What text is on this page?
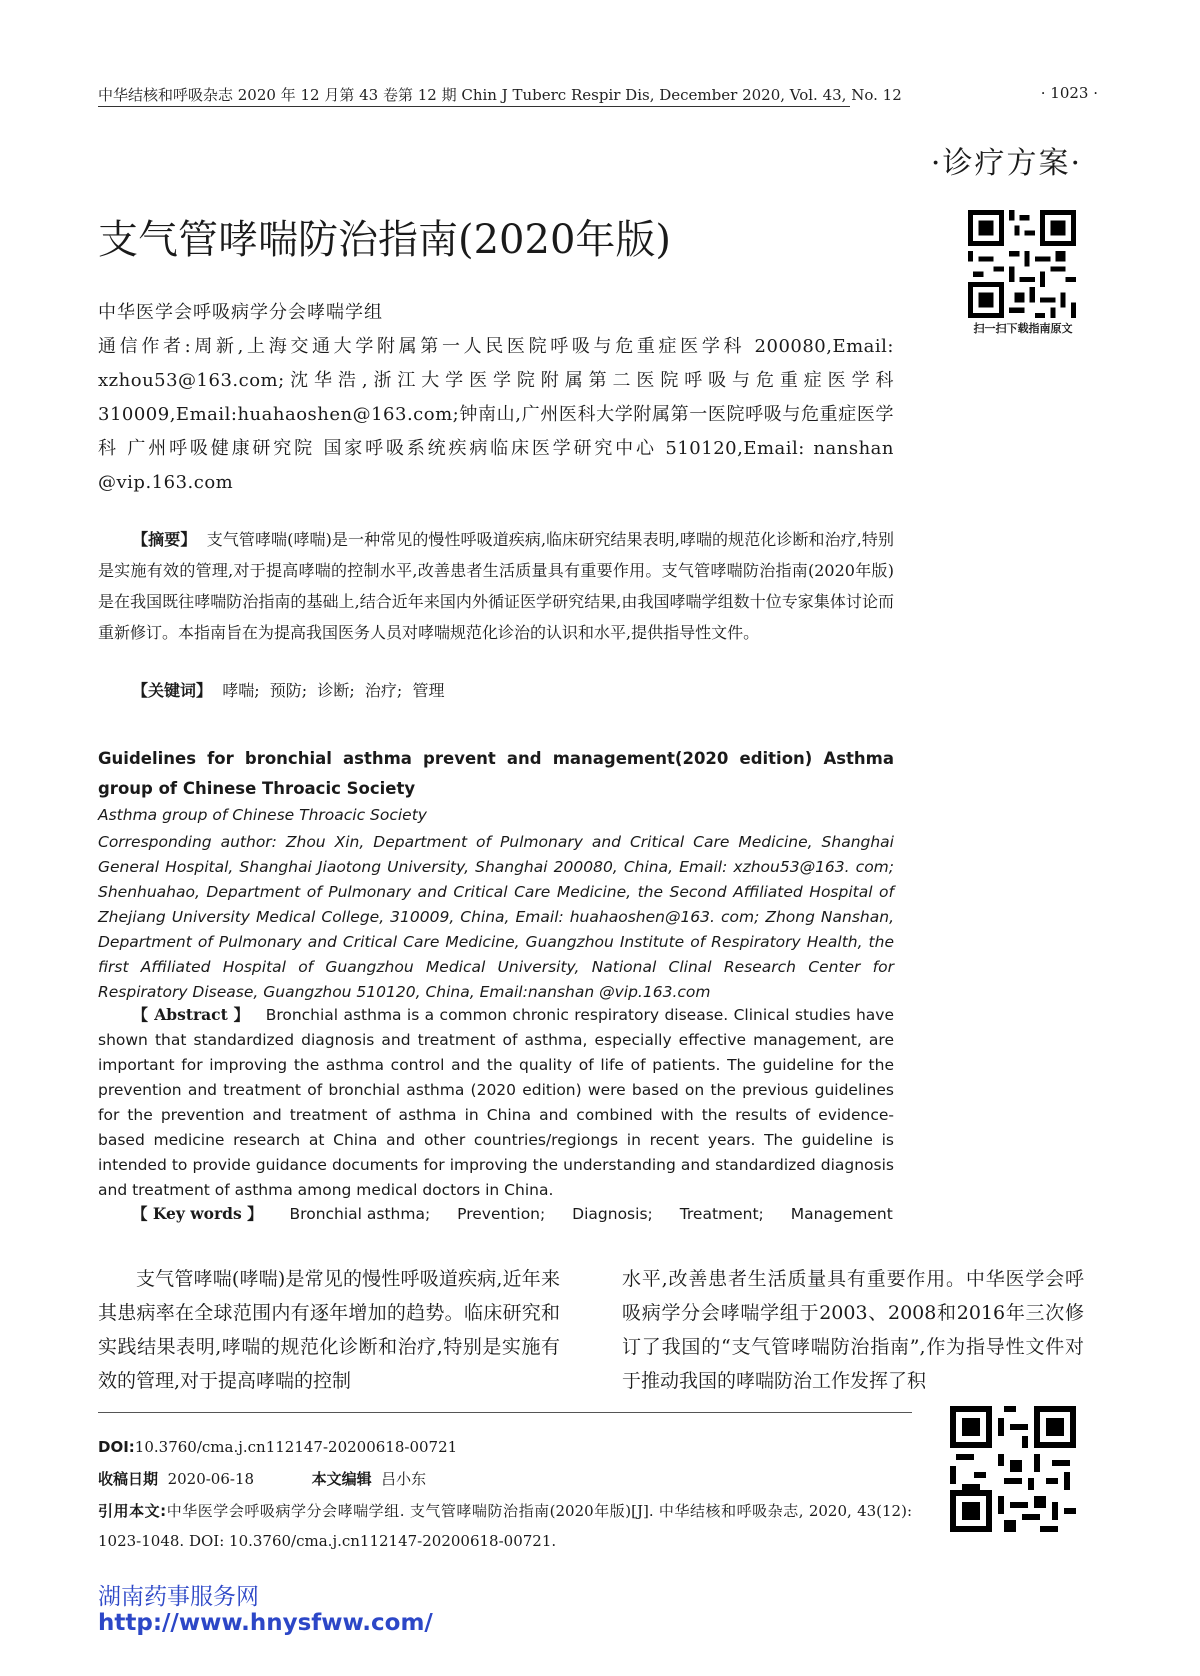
中华结核和呼吸杂志 2020 年 12 月第 43 卷第 12 期 Chin J Tuberc Respir Dis, December 2020, Vol. 43, No. 12	· 1023 ·
·诊疗方案·
支气管哮喘防治指南(2020年版)
扫一扫下载指南原文
中华医学会呼吸病学分会哮喘学组
通信作者:周新,上海交通大学附属第一人民医院呼吸与危重症医学科 200080,Email: xzhou53@163.com;沈华浩,浙江大学医学院附属第二医院呼吸与危重症医学科 310009,Email:huahaoshen@163.com;钟南山,广州医科大学附属第一医院呼吸与危重症医学科 广州呼吸健康研究院 国家呼吸系统疾病临床医学研究中心 510120,Email: nanshan @vip.163.com
【摘要】 支气管哮喘(哮喘)是一种常见的慢性呼吸道疾病,临床研究结果表明,哮喘的规范化诊断和治疗,特别是实施有效的管理,对于提高哮喘的控制水平,改善患者生活质量具有重要作用。支气管哮喘防治指南(2020年版)是在我国既往哮喘防治指南的基础上,结合近年来国内外循证医学研究结果,由我国哮喘学组数十位专家集体讨论而重新修订。本指南旨在为提高我国医务人员对哮喘规范化诊治的认识和水平,提供指导性文件。
【关键词】 哮喘; 预防; 诊断; 治疗; 管理
Guidelines for bronchial asthma prevent and management(2020 edition) Asthma group of Chinese Throacic Society
Asthma group of Chinese Throacic Society
Corresponding author: Zhou Xin, Department of Pulmonary and Critical Care Medicine, Shanghai General Hospital, Shanghai Jiaotong University, Shanghai 200080, China, Email: xzhou53@163. com; Shenhuahao, Department of Pulmonary and Critical Care Medicine, the Second Affiliated Hospital of Zhejiang University Medical College, 310009, China, Email: huahaoshen@163. com; Zhong Nanshan, Department of Pulmonary and Critical Care Medicine, Guangzhou Institute of Respiratory Health, the first Affiliated Hospital of Guangzhou Medical University, National Clinal Research Center for Respiratory Disease, Guangzhou 510120, China, Email:nanshan @vip.163.com
【 Abstract 】 Bronchial asthma is a common chronic respiratory disease. Clinical studies have shown that standardized diagnosis and treatment of asthma, especially effective management, are important for improving the asthma control and the quality of life of patients. The guideline for the prevention and treatment of bronchial asthma (2020 edition) were based on the previous guidelines for the prevention and treatment of asthma in China and combined with the results of evidence-based medicine research at China and other countries/regiongs in recent years. The guideline is intended to provide guidance documents for improving the understanding and standardized diagnosis and treatment of asthma among medical doctors in China.
【 Key words 】 Bronchial asthma; Prevention; Diagnosis; Treatment; Management
支气管哮喘(哮喘)是常见的慢性呼吸道疾病,近年来其患病率在全球范围内有逐年增加的趋势。临床研究和实践结果表明,哮喘的规范化诊断和治疗,特别是实施有效的管理,对于提高哮喘的控制
水平,改善患者生活质量具有重要作用。中华医学会呼吸病学分会哮喘学组于2003、2008和2016年三次修订了我国的“支气管哮喘防治指南”,作为指导性文件对于推动我国的哮喘防治工作发挥了积
DOI:10.3760/cma.j.cn112147-20200618-00721
收稿日期 2020-06-18	本文编辑 吕小东
引用本文:中华医学会呼吸病学分会哮喘学组. 支气管哮喘防治指南(2020年版)[J]. 中华结核和呼吸杂志, 2020, 43(12): 1023-1048. DOI: 10.3760/cma.j.cn112147-20200618-00721.
湖南药事服务网
http://www.hnysfww.com/
